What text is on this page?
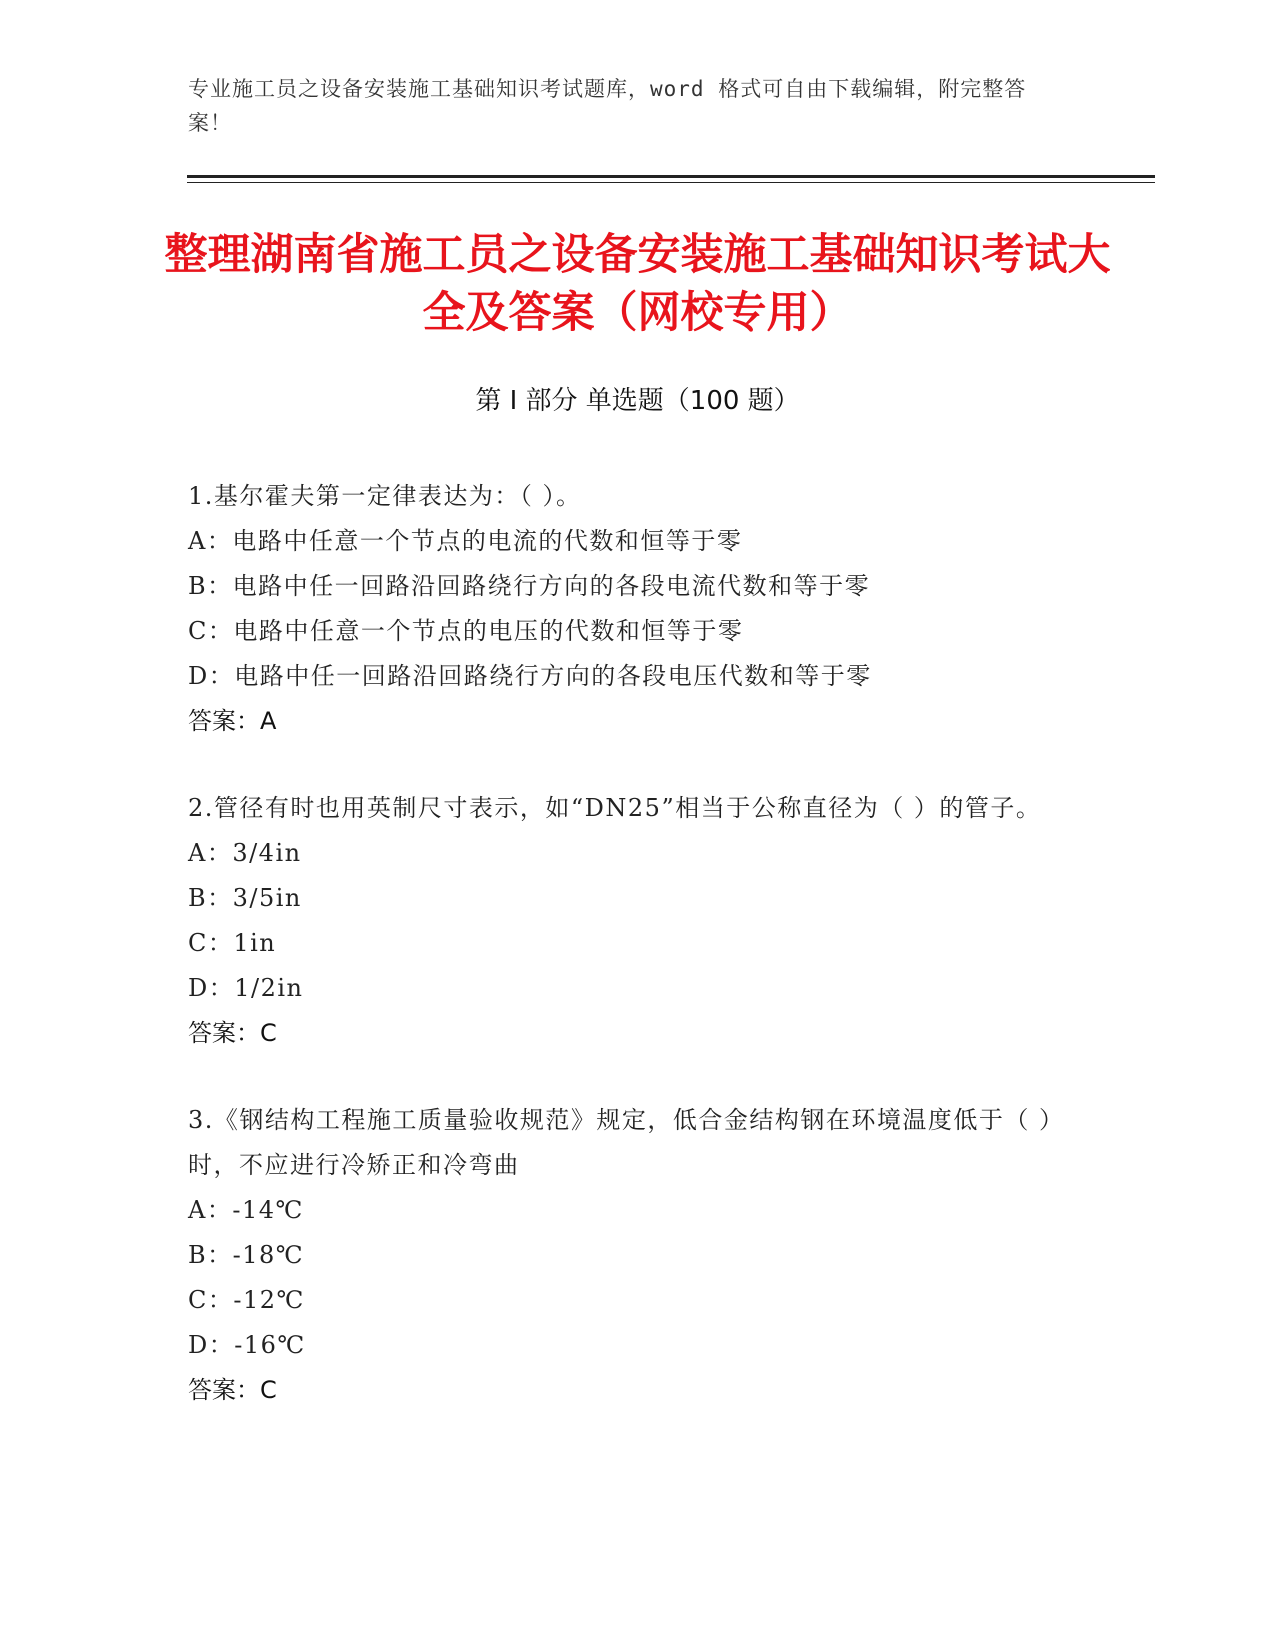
专业施工员之设备安装施工基础知识考试题库，word 格式可自由下载编辑，附完整答案！
整理湖南省施工员之设备安装施工基础知识考试大全及答案（网校专用）
第 I 部分 单选题（100 题）
1.基尔霍夫第一定律表达为：（ ）。
A：电路中任意一个节点的电流的代数和恒等于零
B：电路中任一回路沿回路绕行方向的各段电流代数和等于零
C：电路中任意一个节点的电压的代数和恒等于零
D：电路中任一回路沿回路绕行方向的各段电压代数和等于零
答案：A
2.管径有时也用英制尺寸表示，如“DN25”相当于公称直径为（ ）的管子。
A：3/4in
B：3/5in
C：1in
D：1/2in
答案：C
3.《钢结构工程施工质量验收规范》规定，低合金结构钢在环境温度低于（ ）时，不应进行冷矫正和冷弯曲
A：-14℃
B：-18℃
C：-12℃
D：-16℃
答案：C
